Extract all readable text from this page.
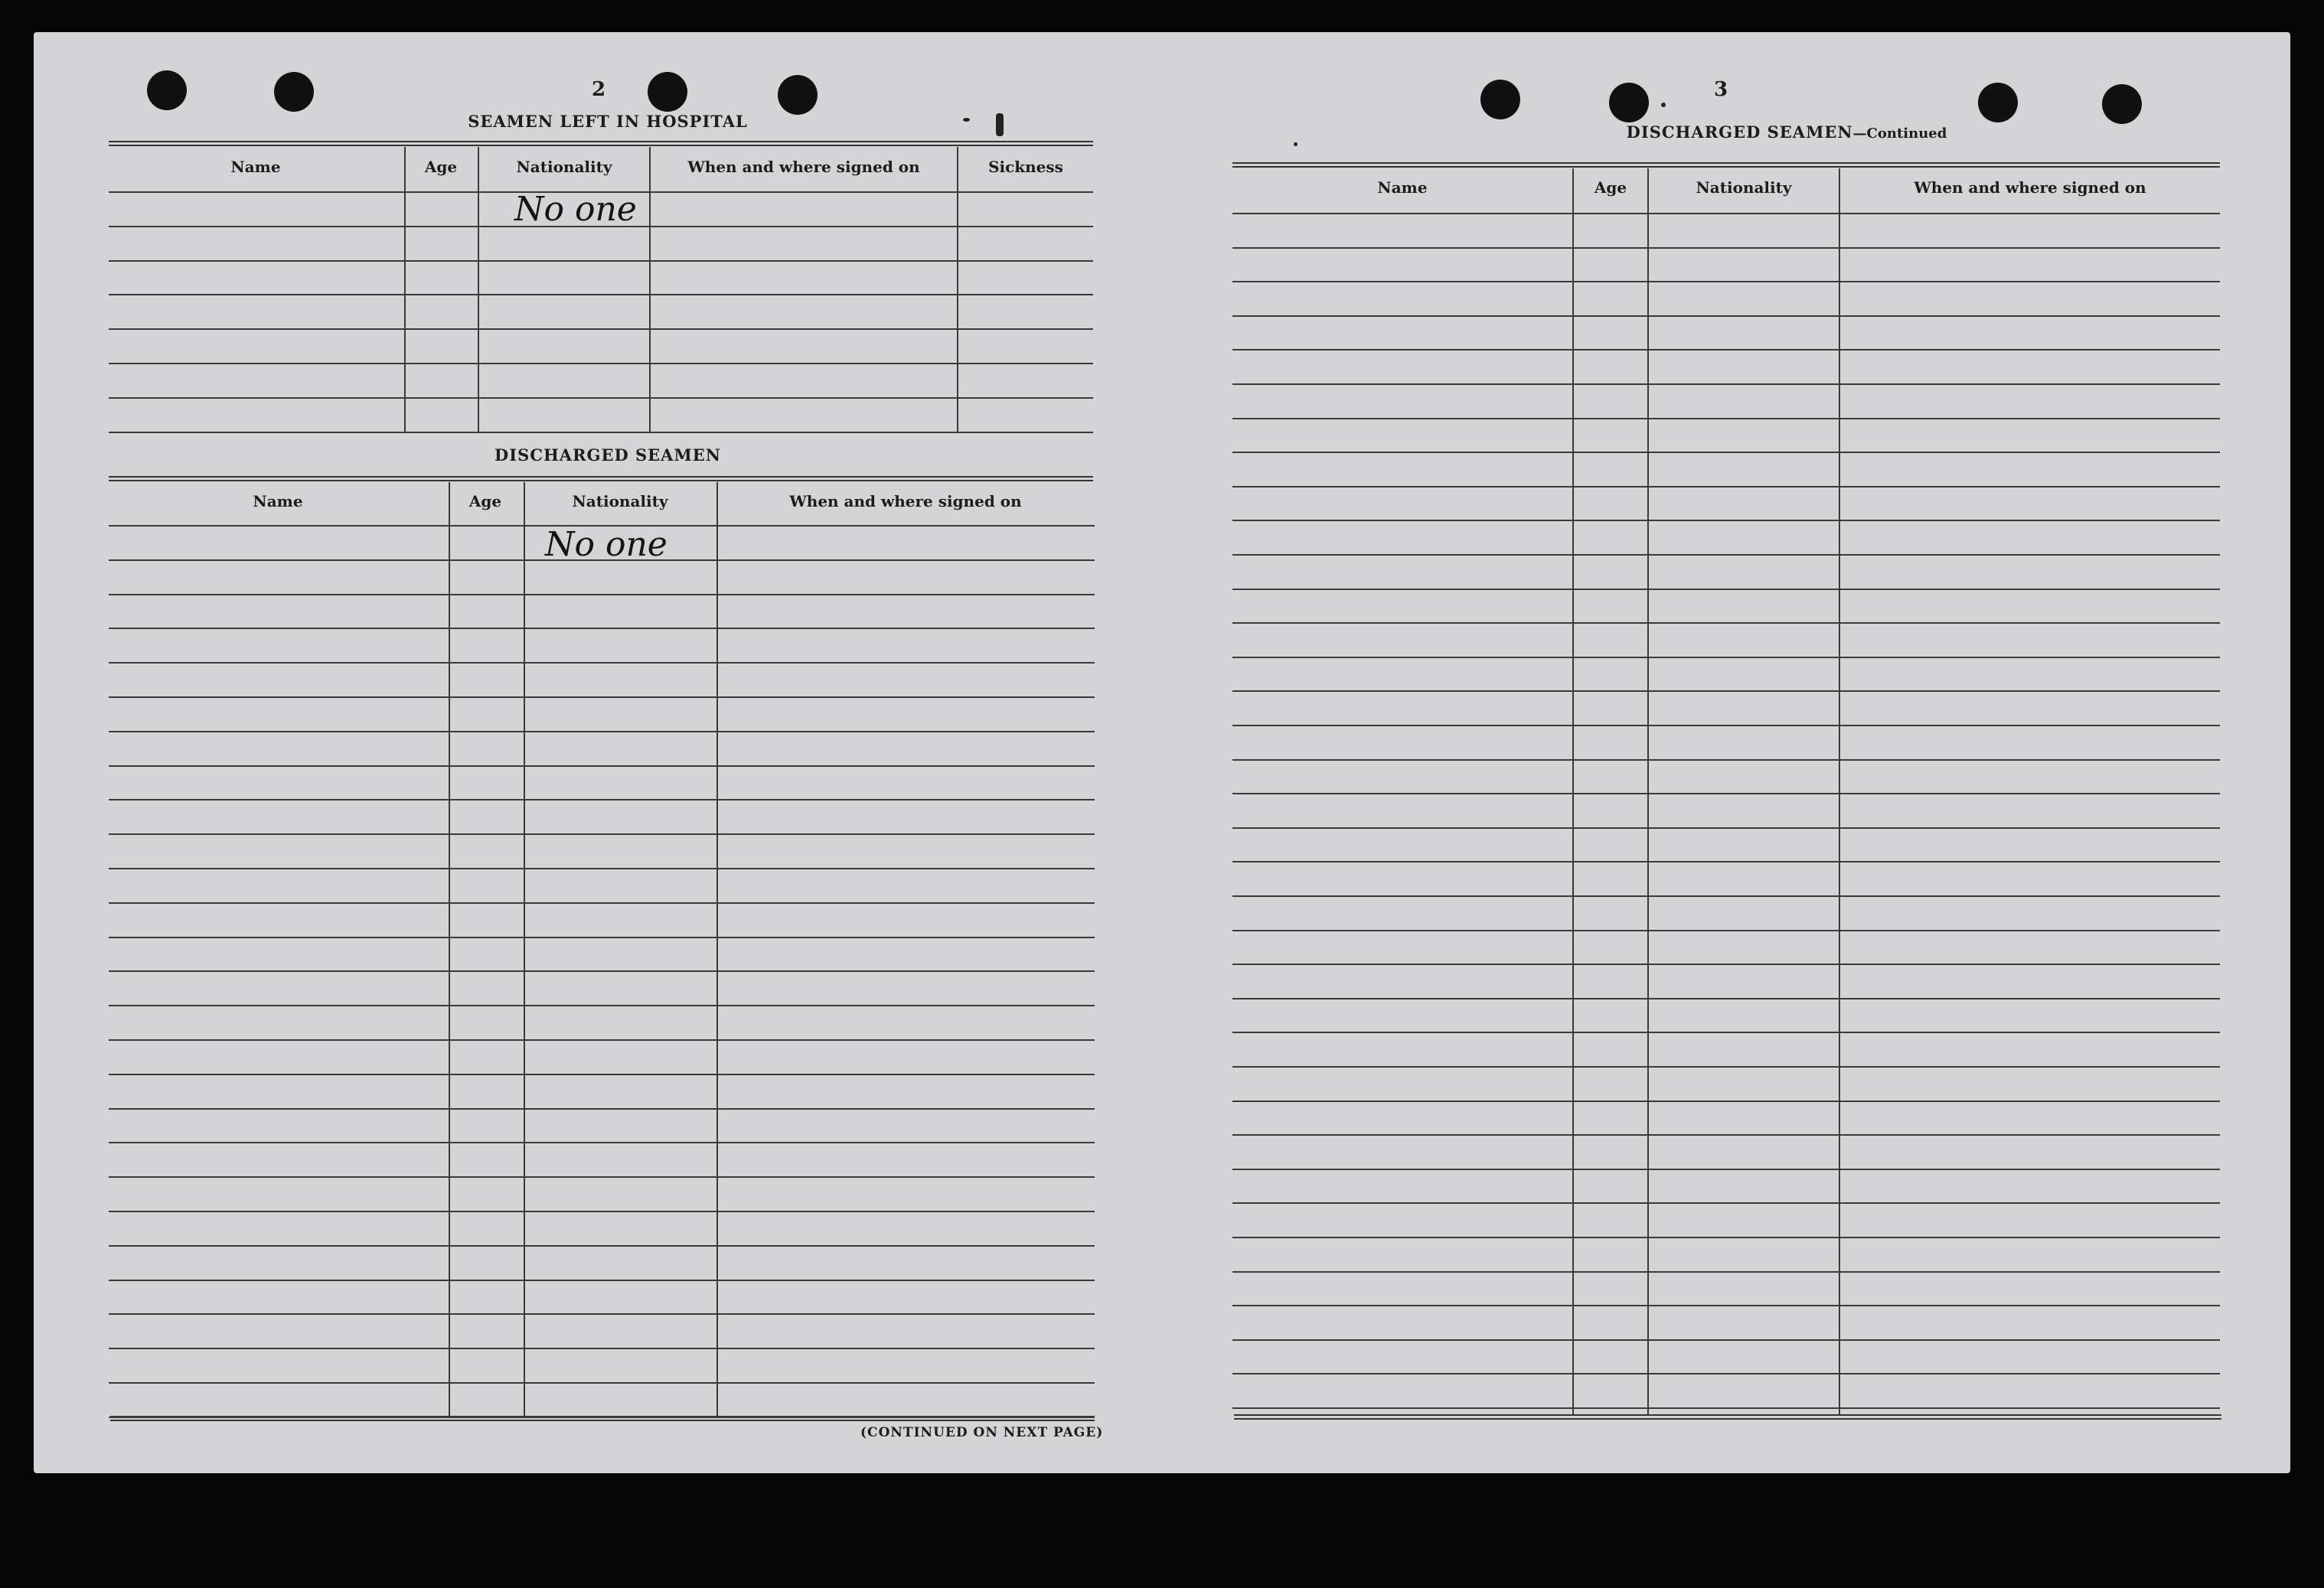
2
SEAMEN LEFT IN HOSPITAL
Name	Age	Nationality	When and where signed on	Sickness
No one
DISCHARGED SEAMEN
Name	Age	Nationality	When and where signed on
No one
(CONTINUED ON NEXT PAGE)
3
DISCHARGED SEAMEN—Continued
Name	Age	Nationality	When and where signed on
